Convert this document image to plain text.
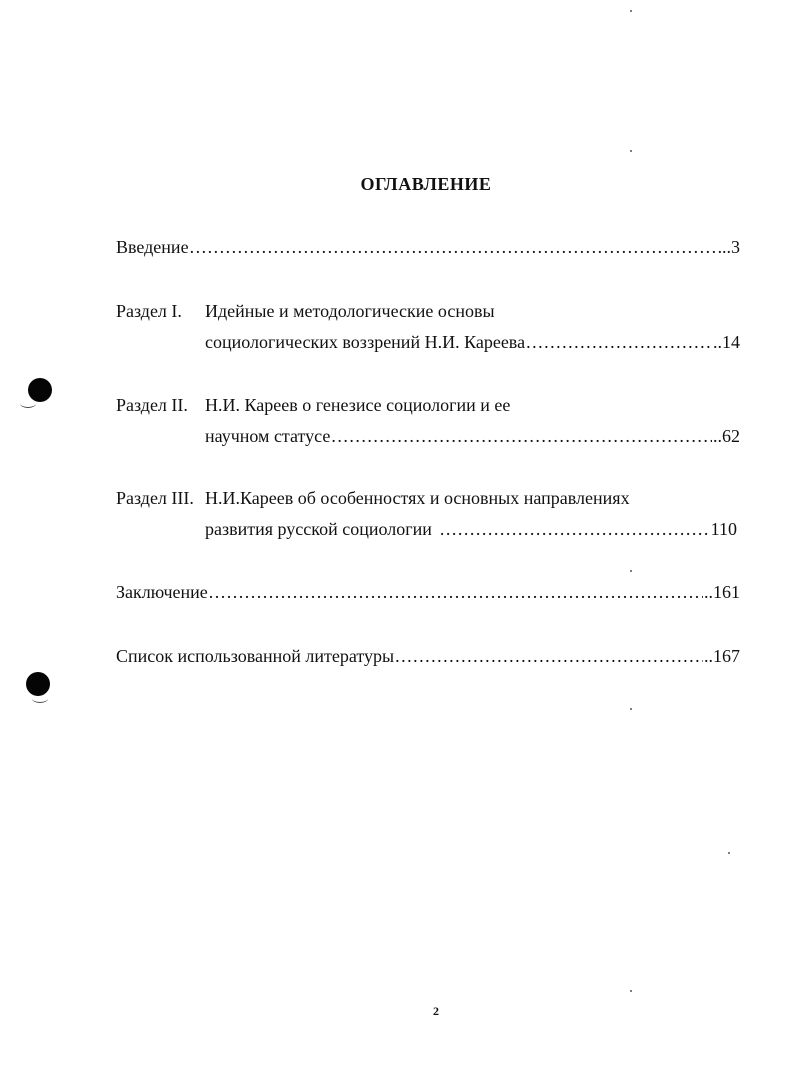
ОГЛАВЛЕНИЕ
Введение .....	..3
Раздел I. Идейные и методологические основы
социологических воззрений Н.И. Кареева .....	..14
Раздел II. Н.И. Кареев о генезисе социологии и ее
научном статусе .....	..62
Раздел III. Н.И.Кареев об особенностях и основных направлениях
развития русской социологии .....	110
Заключение .....	..161
Список использованной литературы .....	..167
2
